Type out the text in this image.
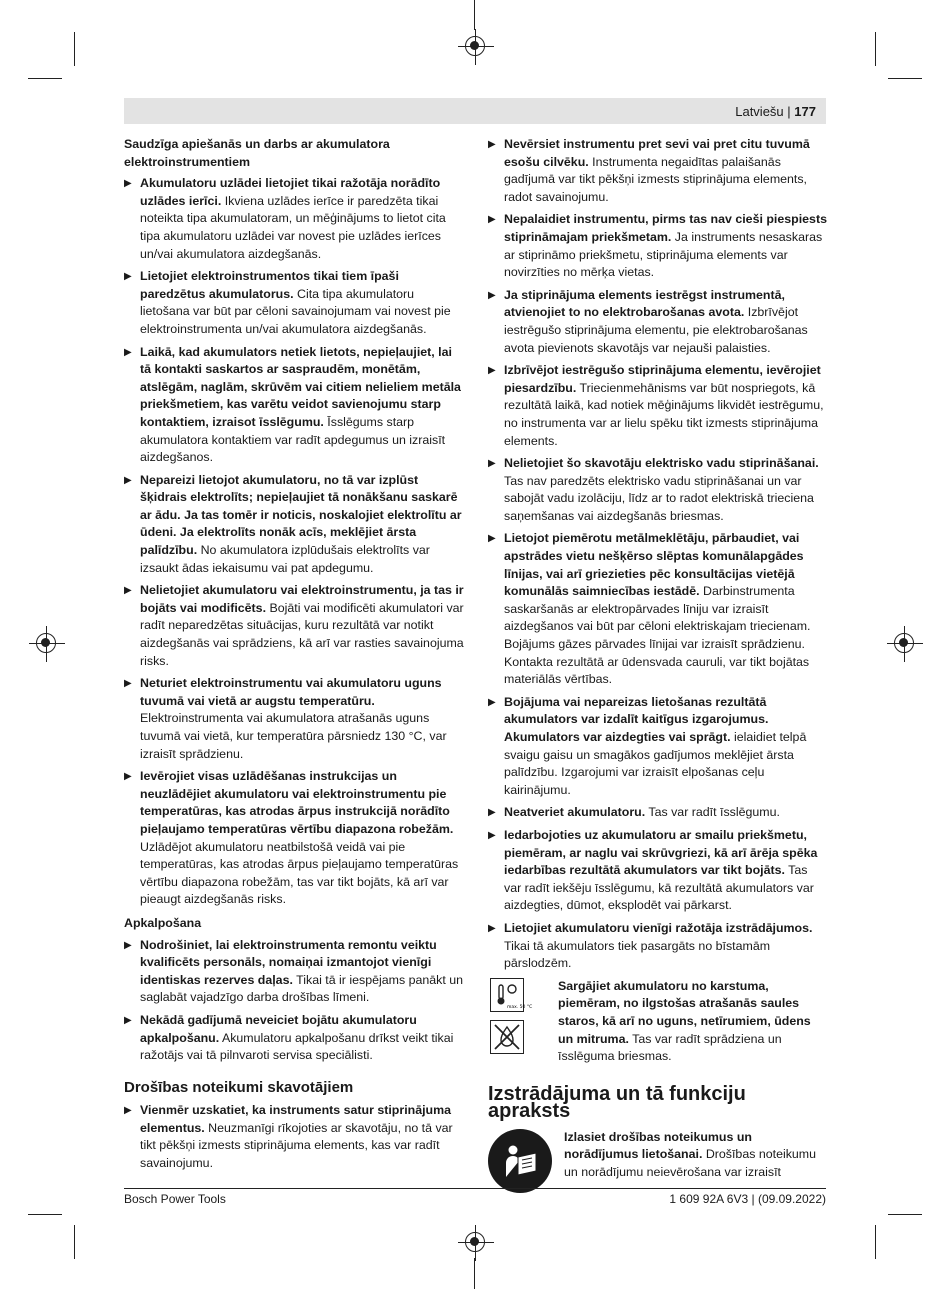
Latviešu | 177
Saudzīga apiešanās un darbs ar akumulatora elektroinstrumentiem
▶ Akumulatoru uzlādei lietojiet tikai ražotāja norādīto uzlādes ierīci. Ikviena uzlādes ierīce ir paredzēta tikai noteikta tipa akumulatoram, un mēģinājums to lietot cita tipa akumulatoru uzlādei var novest pie uzlādes ierīces un/vai akumulatora aizdegšanās.
▶ Lietojiet elektroinstrumentos tikai tiem īpaši paredzētus akumulatorus. Cita tipa akumulatoru lietošana var būt par cēloni savainojumam vai novest pie elektroinstrumenta un/vai akumulatora aizdegšanās.
▶ Laikā, kad akumulators netiek lietots, nepieļaujiet, lai tā kontakti saskartos ar saspraudēm, monētām, atslēgām, naglām, skrūvēm vai citiem nelieliem metāla priekšmetiem, kas varētu veidot savienojumu starp kontaktiem, izraisot īsslēgumu. Īsslēgums starp akumulatora kontaktiem var radīt apdegumus un izraisīt aizdegšanos.
▶ Nepareizi lietojot akumulatoru, no tā var izplūst šķidrais elektrolīts; nepieļaujiet tā nonākšanu saskarē ar ādu. Ja tas tomēr ir noticis, noskalojiet elektrolītu ar ūdeni. Ja elektrolīts nonāk acīs, meklējiet ārsta palīdzību. No akumulatora izplūdušais elektrolīts var izsaukt ādas iekaisumu vai pat apdegumu.
▶ Nelietojiet akumulatoru vai elektroinstrumentu, ja tas ir bojāts vai modificēts. Bojāti vai modificēti akumulatori var radīt neparedzētas situācijas, kuru rezultātā var notikt aizdegšanās vai sprādziens, kā arī var rasties savainojuma risks.
▶ Neturiet elektroinstrumentu vai akumulatoru uguns tuvumā vai vietā ar augstu temperatūru. Elektroinstrumenta vai akumulatora atrašanās uguns tuvumā vai vietā, kur temperatūra pārsniedz 130 °C, var izraisīt sprādzienu.
▶ Ievērojiet visas uzlādēšanas instrukcijas un neuzlādējiet akumulatoru vai elektroinstrumentu pie temperatūras, kas atrodas ārpus instrukcijā norādīto pieļaujamo temperatūras vērtību diapazona robežām. Uzlādējot akumulatoru neatbilstošā veidā vai pie temperatūras, kas atrodas ārpus pieļaujamo temperatūras vērtību diapazona robežām, tas var tikt bojāts, kā arī var pieaugt aizdegšanās risks.
Apkalpošana
▶ Nodrošiniet, lai elektroinstrumenta remontu veiktu kvalificēts personāls, nomaiņai izmantojot vienīgi identiskas rezerves daļas. Tikai tā ir iespējams panākt un saglabāt vajadzīgo darba drošības līmeni.
▶ Nekādā gadījumā neveiciet bojātu akumulatoru apkalpošanu. Akumulatoru apkalpošanu drīkst veikt tikai ražotājs vai tā pilnvaroti servisa speciālisti.
Drošības noteikumi skavotājiem
▶ Vienmēr uzskatiet, ka instruments satur stiprinājuma elementus. Neuzmanīgi rīkojoties ar skavotāju, no tā var tikt pēkšņi izmests stiprinājuma elements, kas var radīt savainojumu.
▶ Nevērsiet instrumentu pret sevi vai pret citu tuvumā esošu cilvēku. Instrumenta negaidītas palaišanās gadījumā var tikt pēkšņi izmests stiprinājuma elements, radot savainojumu.
▶ Nepalaidiet instrumentu, pirms tas nav cieši piespiests stiprināmajam priekšmetam. Ja instruments nesaskaras ar stiprināmo priekšmetu, stiprinājuma elements var novirzīties no mērķa vietas.
▶ Ja stiprinājuma elements iestrēgst instrumentā, atvienojiet to no elektrobarošanas avota. Izbrīvējot iestrēgušo stiprinājuma elementu, pie elektrobarošanas avota pievienots skavotājs var nejauši palaisties.
▶ Izbrīvējot iestrēgušo stiprinājuma elementu, ievērojiet piesardzību. Triecienmehānisms var būt nospriegots, kā rezultātā laikā, kad notiek mēģinājums likvidēt iestrēgumu, no instrumenta var ar lielu spēku tikt izmests stiprinājuma elements.
▶ Nelietojiet šo skavotāju elektrisko vadu stiprināšanai. Tas nav paredzēts elektrisko vadu stiprināšanai un var sabojāt vadu izolāciju, līdz ar to radot elektriskā trieciena saņemšanas vai aizdegšanās briesmas.
▶ Lietojot piemērotu metālmeklētāju, pārbaudiet, vai apstrādes vietu nešķērso slēptas komunālapgādes līnijas, vai arī griezieties pēc konsultācijas vietējā komunālās saimniecības iestādē. Darbinstrumenta saskaršanās ar elektropārvades līniju var izraisīt aizdegšanos vai būt par cēloni elektriskajam triecienam. Bojājums gāzes pārvades līnijai var izraisīt sprādzienu. Kontakta rezultātā ar ūdensvada cauruli, var tikt bojātas materiālās vērtības.
▶ Bojājuma vai nepareizas lietošanas rezultātā akumulators var izdalīt kaitīgus izgarojumus. Akumulators var aizdegties vai sprāgt. ielaidiet telpā svaigu gaisu un smagākos gadījumos meklējiet ārsta palīdzību. Izgarojumi var izraisīt elpošanas ceļu kairinājumu.
▶ Neatveriet akumulatoru. Tas var radīt īsslēgumu.
▶ Iedarbojoties uz akumulatoru ar smailu priekšmetu, piemēram, ar naglu vai skrūvgriezi, kā arī ārēja spēka iedarbības rezultātā akumulators var tikt bojāts. Tas var radīt iekšēju īsslēgumu, kā rezultātā akumulators var aizdegties, dūmot, eksplodēt vai pārkarst.
▶ Lietojiet akumulatoru vienīgi ražotāja izstrādājumos. Tikai tā akumulators tiek pasargāts no bīstamām pārslodzēm.
max. 50 °C
Sargājiet akumulatoru no karstuma, piemēram, no ilgstošas atrašanās saules staros, kā arī no uguns, netīrumiem, ūdens un mitruma. Tas var radīt sprādziena un īsslēguma briesmas.
Izstrādājuma un tā funkciju apraksts
Izlasiet drošības noteikumus un norādījumus lietošanai. Drošības noteikumu un norādījumu neievērošana var izraisīt
Bosch Power Tools	1 609 92A 6V3 | (09.09.2022)
